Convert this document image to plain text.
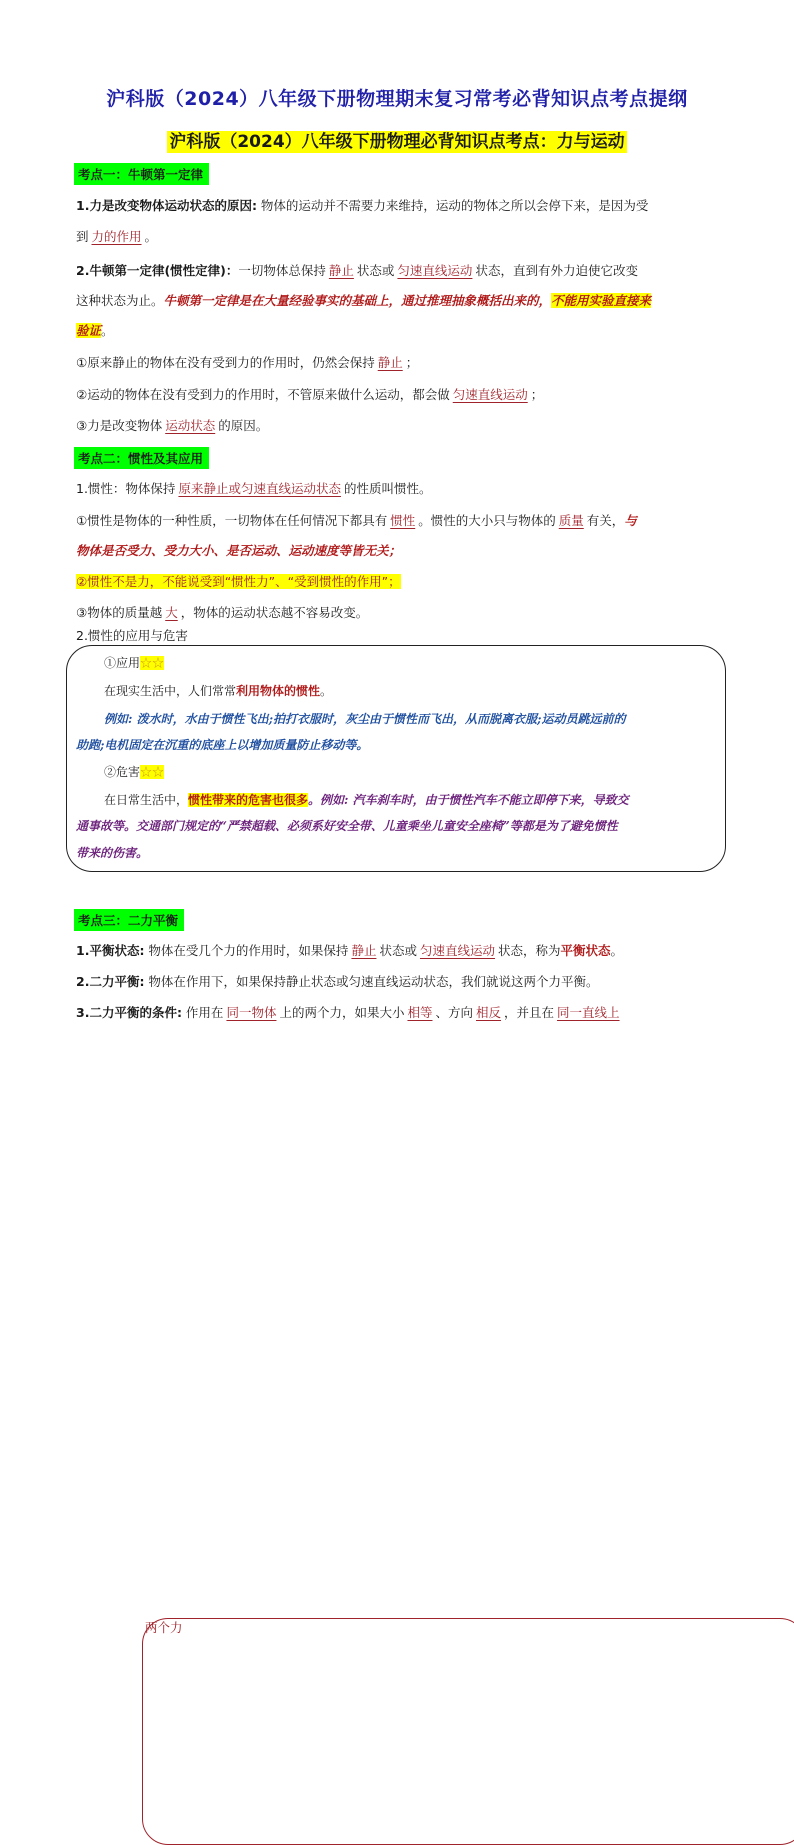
沪科版（2024）八年级下册物理期末复习常考必背知识点考点提纲
沪科版（2024）八年级下册物理必背知识点考点：力与运动
考点一：牛顿第一定律
1.力是改变物体运动状态的原因: 物体的运动并不需要力来维持，运动的物体之所以会停下来，是因为受
到 力的作用 。
2.牛顿第一定律(惯性定律)：一切物体总保持 静止 状态或 匀速直线运动 状态，直到有外力迫使它改变
这种状态为止。牛顿第一定律是在大量经验事实的基础上，通过推理抽象概括出来的，不能用实验直接来
验证。
①原来静止的物体在没有受到力的作用时，仍然会保持 静止 ；
②运动的物体在没有受到力的作用时，不管原来做什么运动，都会做 匀速直线运动 ；
③力是改变物体 运动状态 的原因。
考点二：惯性及其应用
1.惯性：物体保持 原来静止或匀速直线运动状态 的性质叫惯性。
①惯性是物体的一种性质，一切物体在任何情况下都具有 惯性 。惯性的大小只与物体的 质量 有关，与
物体是否受力、受力大小、是否运动、运动速度等皆无关；
②惯性不是力，不能说受到“惯性力”、“受到惯性的作用”；
③物体的质量越 大 ，物体的运动状态越不容易改变。
2.惯性的应用与危害
①应用☆☆
在现实生活中，人们常常利用物体的惯性。
例如: 泼水时，水由于惯性飞出;拍打衣服时，灰尘由于惯性而飞出，从而脱离衣服;运动员跳远前的
助跑;电机固定在沉重的底座上以增加质量防止移动等。
②危害☆☆
在日常生活中，惯性带来的危害也很多。例如: 汽车刹车时，由于惯性汽车不能立即停下来，导致交
通事故等。交通部门规定的“严禁超载、必须系好安全带、儿童乘坐儿童安全座椅”等都是为了避免惯性
带来的伤害。
考点三：二力平衡
1.平衡状态: 物体在受几个力的作用时，如果保持 静止 状态或 匀速直线运动 状态，称为平衡状态。
2.二力平衡: 物体在
两个力
作用下，如果保持静止状态或匀速直线运动状态，我们就说这两个力平衡。
3.二力平衡的条件: 作用在 同一物体 上的两个力，如果大小 相等 、方向 相反 ，并且在 同一直线上
